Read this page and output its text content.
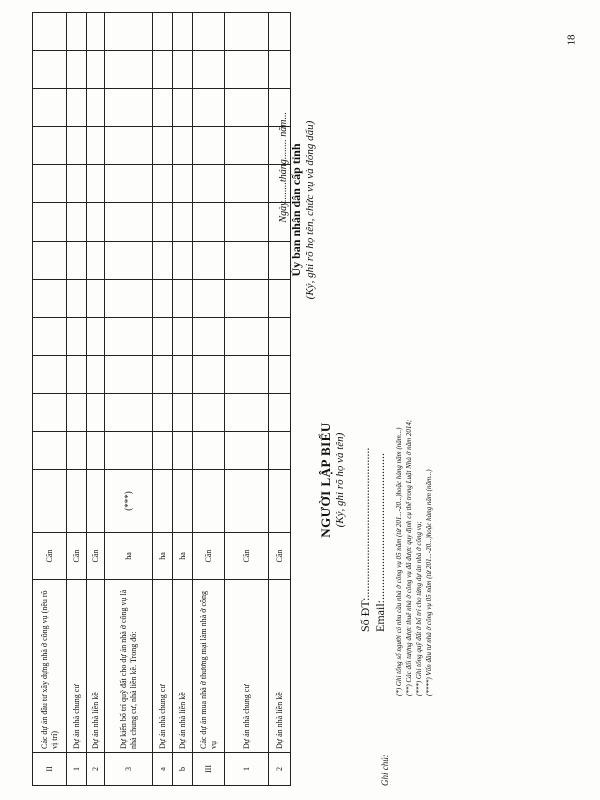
II	Các dự án đầu tư xây dựng nhà ở công vụ (nêu rõ vị trí)	Căn													
1	Dự án nhà chung cư	Căn													
2	Dự án nhà liền kề	Căn													
3	Dự kiến bố trí quỹ đất cho dự án nhà ở công vụ là nhà chung cư, nhà liền kề. Trong đó:	ha	(***)												
a	Dự án nhà chung cư	ha													
b	Dự án nhà liền kề	ha													
III	Các dự án mua nhà ở thương mại làm nhà ở công vụ	Căn													
1	Dự án nhà chung cư	Căn													
2	Dự án nhà liền kề	Căn													
NGƯỜI LẬP BIỂU (Ký, ghi rõ họ và tên) Số ĐT:.................................................. Email:.................................................
Ngày........tháng........ năm... Ủy ban nhân dân cấp tỉnh (Ký, ghi rõ họ tên, chức vụ và đóng dấu)
Ghi chú:
(*) Ghi tổng số người có nhu cầu nhà ở công vụ 05 năm (từ 201...-20...)hoặc hàng năm (năm...) (**) Các đối tượng được thuê nhà ở công vụ đã được quy định cụ thể trong Luật Nhà ở năm 2014; (***) Ghi tổng quỹ đất ở bố trí cho từng dự án nhà ở công vụ; (****) Vốn đầu tư nhà ở công vụ 05 năm (từ 201...-20...)hoặc hàng năm (năm...)
18
